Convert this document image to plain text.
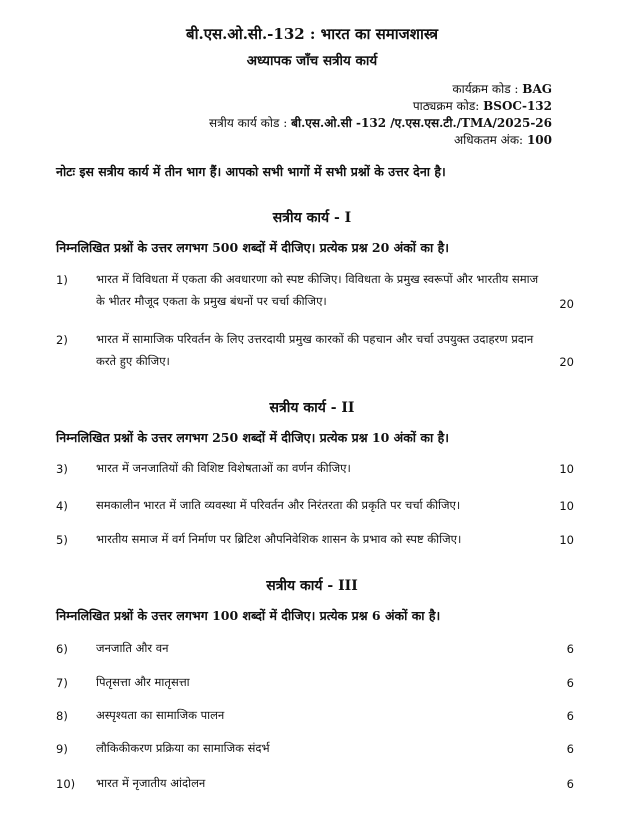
बी.एस.ओ.सी.-132 : भारत का समाजशास्त्र
अध्यापक जाँच सत्रीय कार्य
कार्यक्रम कोड : BAG
पाठ्यक्रम कोड: BSOC-132
सत्रीय कार्य कोड : बी.एस.ओ.सी -132 /ए.एस.एस.टी./TMA/2025-26
अधिकतम अंक: 100
नोटः इस सत्रीय कार्य में तीन भाग हैं। आपको सभी भागों में सभी प्रश्नों के उत्तर देना है।
सत्रीय कार्य - I
निम्नलिखित प्रश्नों के उत्तर लगभग 500 शब्दों में दीजिए। प्रत्येक प्रश्न 20 अंकों का है।
1) भारत में विविधता में एकता की अवधारणा को स्पष्ट कीजिए। विविधता के प्रमुख स्वरूपों और भारतीय समाज के भीतर मौजूद एकता के प्रमुख बंधनों पर चर्चा कीजिए।	20
2) भारत में सामाजिक परिवर्तन के लिए उत्तरदायी प्रमुख कारकों की पहचान और चर्चा उपयुक्त उदाहरण प्रदान करते हुए कीजिए।	20
सत्रीय कार्य - II
निम्नलिखित प्रश्नों के उत्तर लगभग 250 शब्दों में दीजिए। प्रत्येक प्रश्न 10 अंकों का है।
3) भारत में जनजातियों की विशिष्ट विशेषताओं का वर्णन कीजिए।	10
4) समकालीन भारत में जाति व्यवस्था में परिवर्तन और निरंतरता की प्रकृति पर चर्चा कीजिए।	10
5) भारतीय समाज में वर्ग निर्माण पर ब्रिटिश औपनिवेशिक शासन के प्रभाव को स्पष्ट कीजिए।	10
सत्रीय कार्य - III
निम्नलिखित प्रश्नों के उत्तर लगभग 100 शब्दों में दीजिए। प्रत्येक प्रश्न 6 अंकों का है।
6) जनजाति और वन	6
7) पितृसत्ता और मातृसत्ता	6
8) अस्पृश्यता का सामाजिक पालन	6
9) लौकिकीकरण प्रक्रिया का सामाजिक संदर्भ	6
10) भारत में नृजातीय आंदोलन	6
